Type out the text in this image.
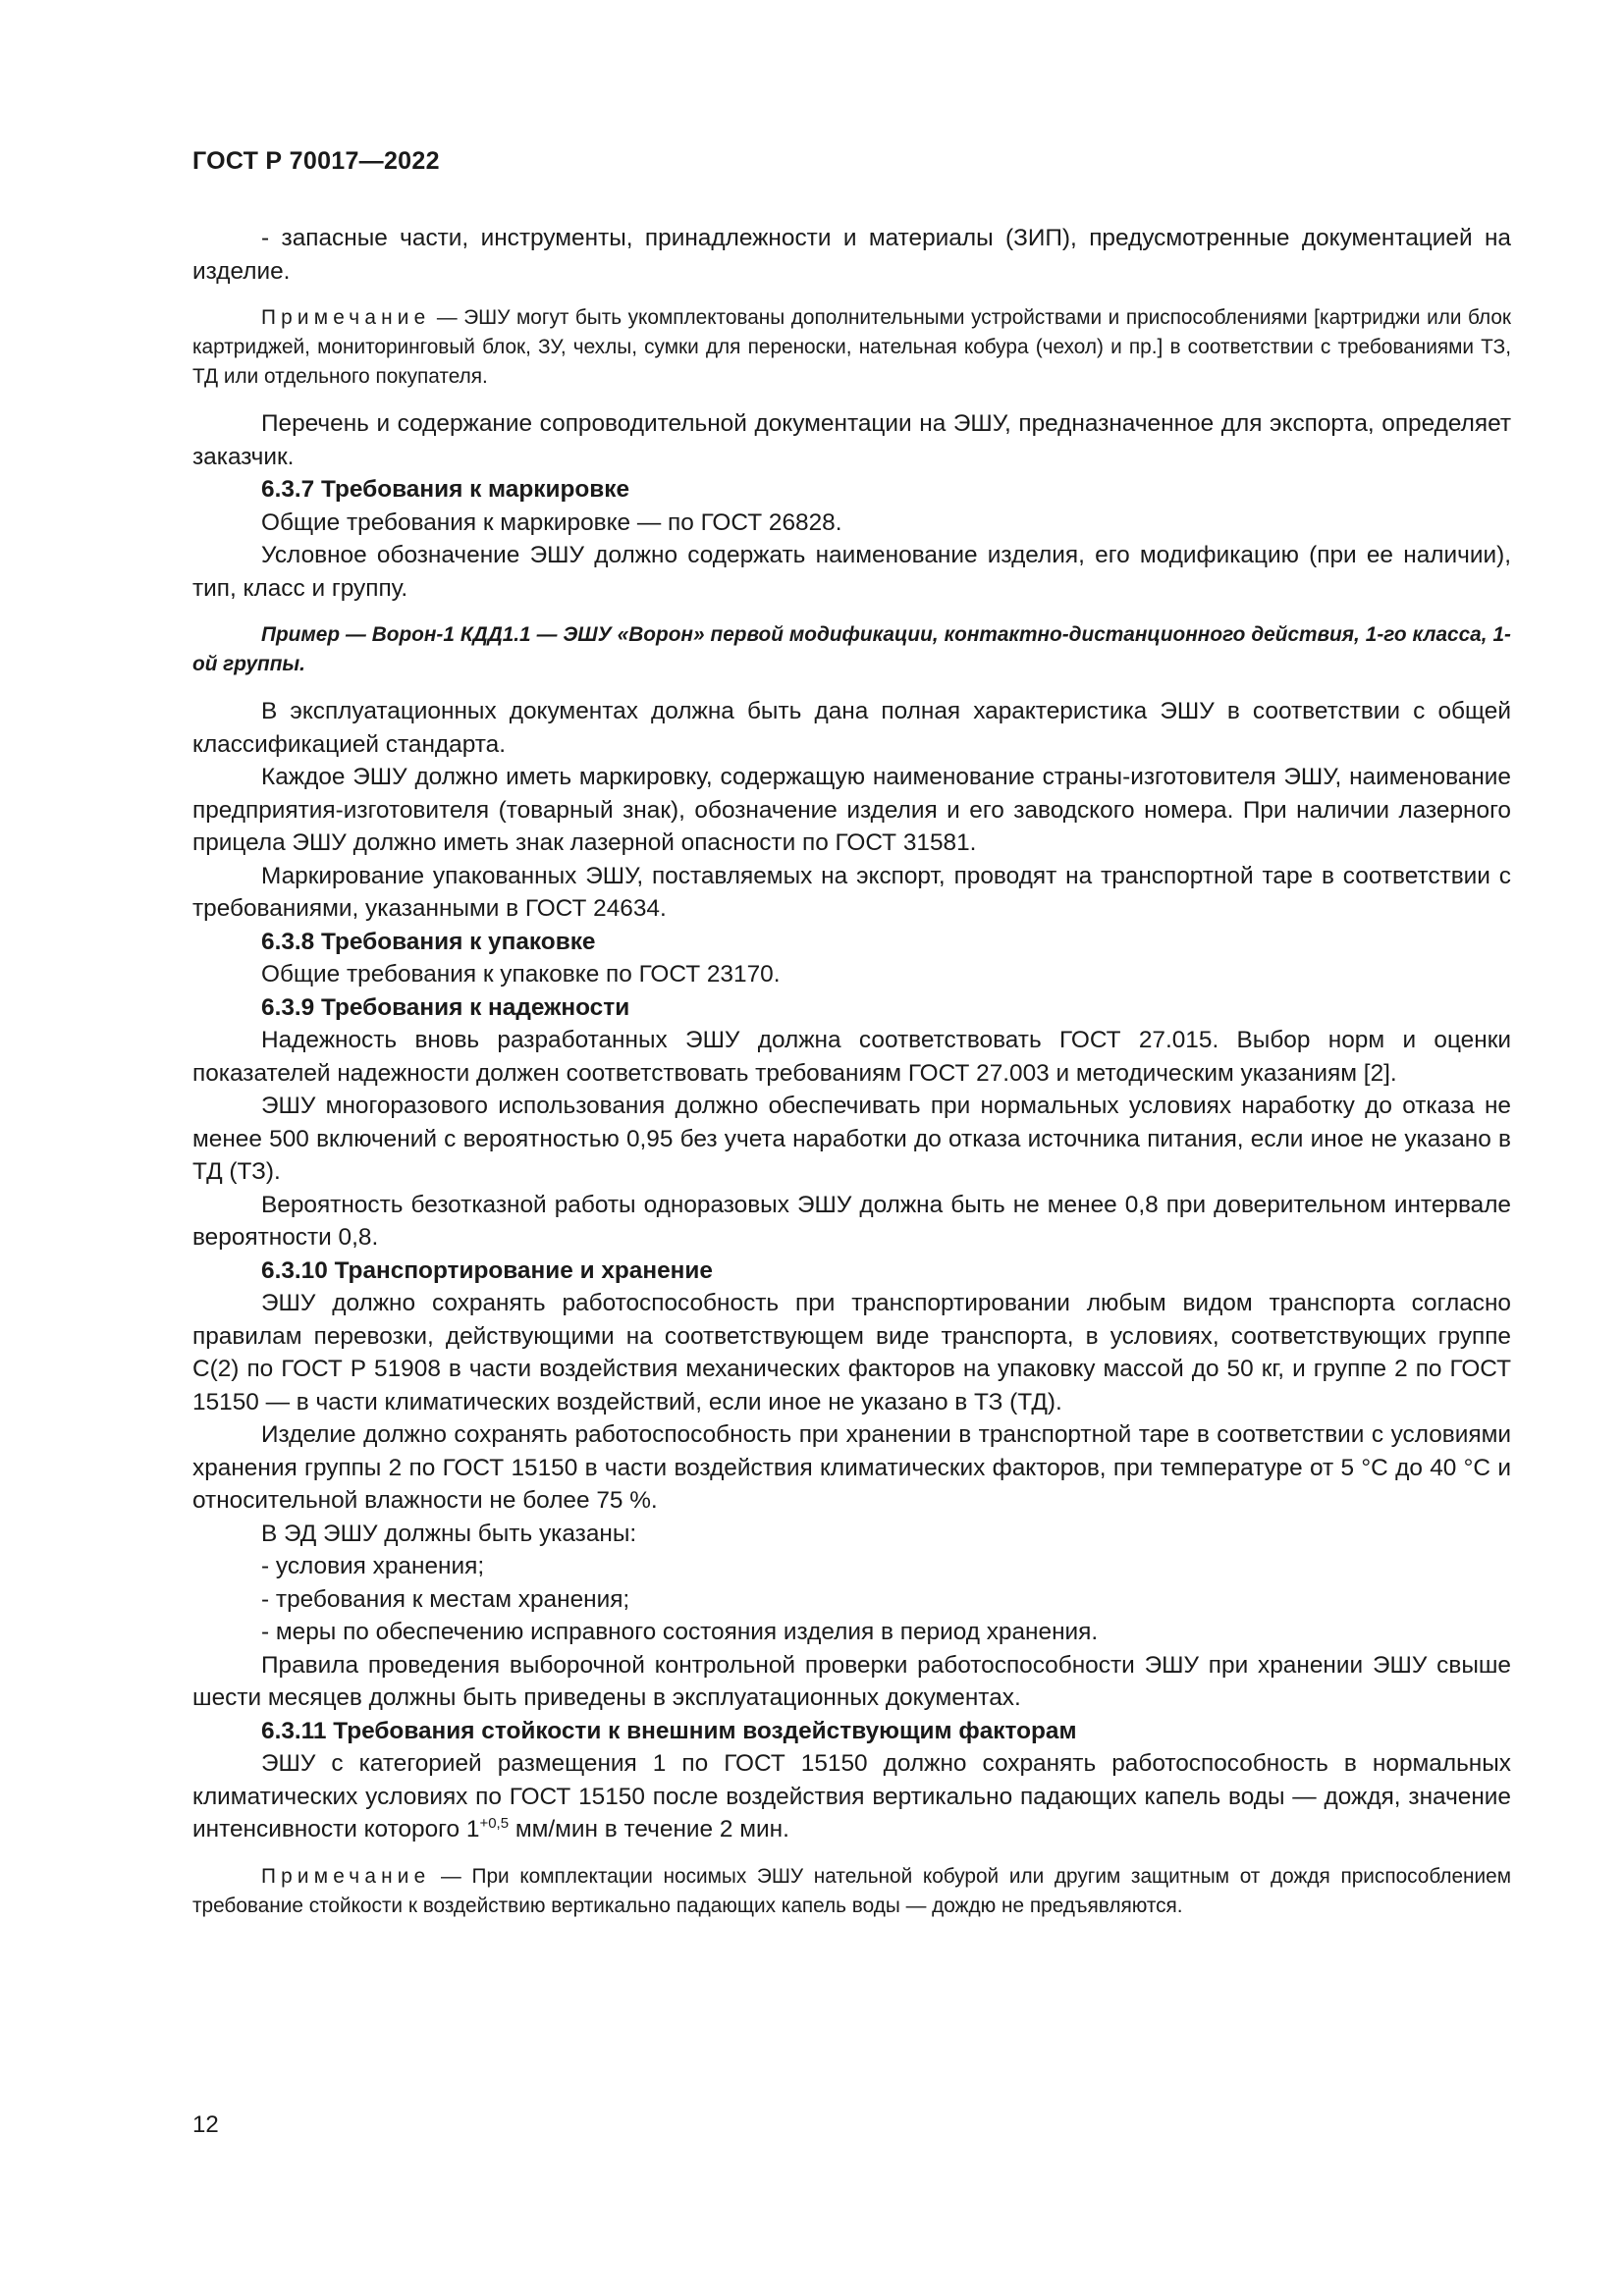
ГОСТ Р 70017—2022

- запасные части, инструменты, принадлежности и материалы (ЗИП), предусмотренные документацией на изделие.

Примечание — ЭШУ могут быть укомплектованы дополнительными устройствами и приспособлениями [картриджи или блок картриджей, мониторинговый блок, ЗУ, чехлы, сумки для переноски, нательная кобура (чехол) и пр.] в соответствии с требованиями ТЗ, ТД или отдельного покупателя.

Перечень и содержание сопроводительной документации на ЭШУ, предназначенное для экспорта, определяет заказчик.

6.3.7 Требования к маркировке

Общие требования к маркировке — по ГОСТ 26828.

Условное обозначение ЭШУ должно содержать наименование изделия, его модификацию (при ее наличии), тип, класс и группу.

Пример — Ворон-1 КДД1.1 — ЭШУ «Ворон» первой модификации, контактно-дистанционного действия, 1-го класса, 1-ой группы.

В эксплуатационных документах должна быть дана полная характеристика ЭШУ в соответствии с общей классификацией стандарта.

Каждое ЭШУ должно иметь маркировку, содержащую наименование страны-изготовителя ЭШУ, наименование предприятия-изготовителя (товарный знак), обозначение изделия и его заводского номера. При наличии лазерного прицела ЭШУ должно иметь знак лазерной опасности по ГОСТ 31581.

Маркирование упакованных ЭШУ, поставляемых на экспорт, проводят на транспортной таре в соответствии с требованиями, указанными в ГОСТ 24634.

6.3.8 Требования к упаковке

Общие требования к упаковке по ГОСТ 23170.

6.3.9 Требования к надежности

Надежность вновь разработанных ЭШУ должна соответствовать ГОСТ 27.015. Выбор норм и оценки показателей надежности должен соответствовать требованиям ГОСТ 27.003 и методическим указаниям [2].

ЭШУ многоразового использования должно обеспечивать при нормальных условиях наработку до отказа не менее 500 включений с вероятностью 0,95 без учета наработки до отказа источника питания, если иное не указано в ТД (ТЗ).

Вероятность безотказной работы одноразовых ЭШУ должна быть не менее 0,8 при доверительном интервале вероятности 0,8.

6.3.10 Транспортирование и хранение

ЭШУ должно сохранять работоспособность при транспортировании любым видом транспорта согласно правилам перевозки, действующими на соответствующем виде транспорта, в условиях, соответствующих группе С(2) по ГОСТ Р 51908 в части воздействия механических факторов на упаковку массой до 50 кг, и группе 2 по ГОСТ 15150 — в части климатических воздействий, если иное не указано в ТЗ (ТД).

Изделие должно сохранять работоспособность при хранении в транспортной таре в соответствии с условиями хранения группы 2 по ГОСТ 15150 в части воздействия климатических факторов, при температуре от 5 °С до 40 °С и относительной влажности не более 75 %.

В ЭД ЭШУ должны быть указаны:

- условия хранения;

- требования к местам хранения;

- меры по обеспечению исправного состояния изделия в период хранения.

Правила проведения выборочной контрольной проверки работоспособности ЭШУ при хранении ЭШУ свыше шести месяцев должны быть приведены в эксплуатационных документах.

6.3.11 Требования стойкости к внешним воздействующим факторам

ЭШУ с категорией размещения 1 по ГОСТ 15150 должно сохранять работоспособность в нормальных климатических условиях по ГОСТ 15150 после воздействия вертикально падающих капель воды — дождя, значение интенсивности которого $1^{+0,5}$ мм/мин в течение 2 мин.

Примечание — При комплектации носимых ЭШУ нательной кобурой или другим защитным от дождя приспособлением требование стойкости к воздействию вертикально падающих капель воды — дождю не предъявляются.

12
